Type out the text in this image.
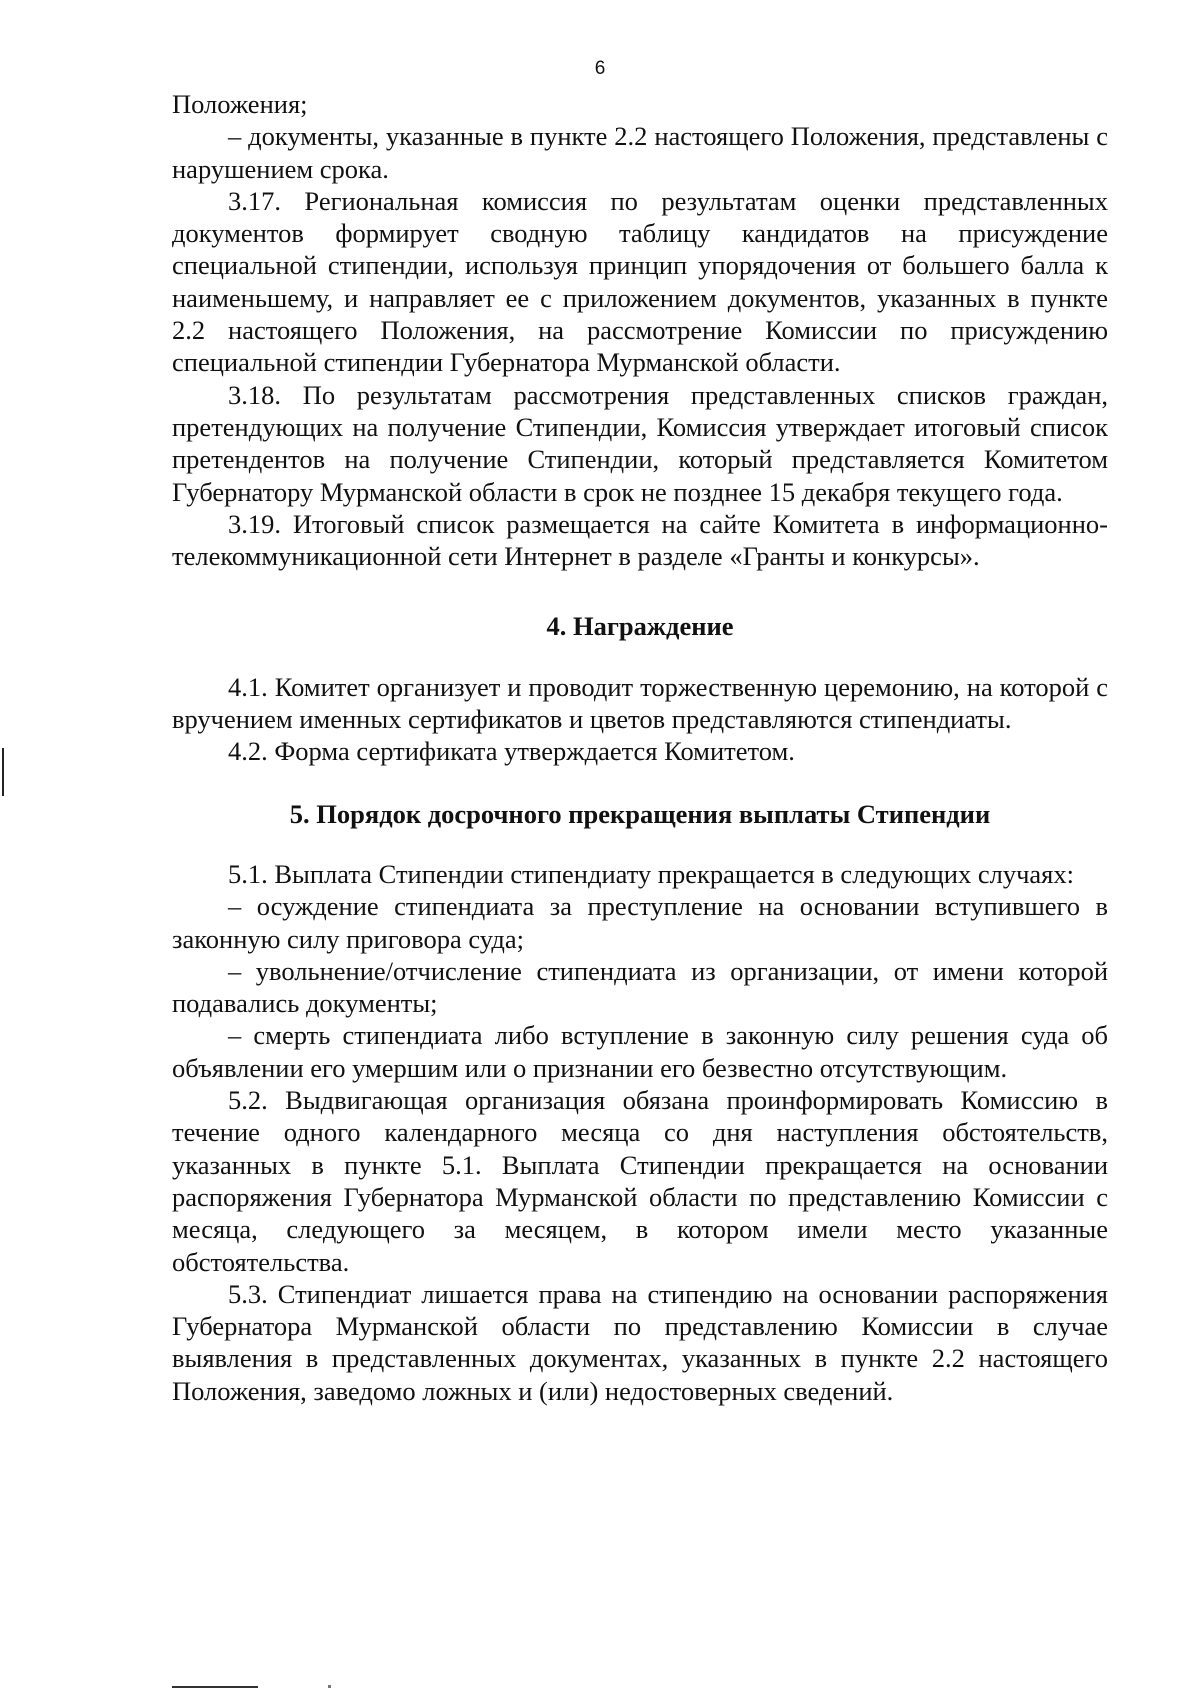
6

Положения;

– документы, указанные в пункте 2.2 настоящего Положения, представлены с нарушением срока.

3.17. Региональная комиссия по результатам оценки представленных документов формирует сводную таблицу кандидатов на присуждение специальной стипендии, используя принцип упорядочения от большего балла к наименьшему, и направляет ее с приложением документов, указанных в пункте 2.2 настоящего Положения, на рассмотрение Комиссии по присуждению специальной стипендии Губернатора Мурманской области.

3.18. По результатам рассмотрения представленных списков граждан, претендующих на получение Стипендии, Комиссия утверждает итоговый список претендентов на получение Стипендии, который представляется Комитетом Губернатору Мурманской области в срок не позднее 15 декабря текущего года.

3.19. Итоговый список размещается на сайте Комитета в информационно-телекоммуникационной сети Интернет в разделе «Гранты и конкурсы».

4. Награждение

4.1. Комитет организует и проводит торжественную церемонию, на которой с вручением именных сертификатов и цветов представляются стипендиаты.

4.2. Форма сертификата утверждается Комитетом.

5. Порядок досрочного прекращения выплаты Стипендии

5.1. Выплата Стипендии стипендиату прекращается в следующих случаях:

– осуждение стипендиата за преступление на основании вступившего в законную силу приговора суда;

– увольнение/отчисление стипендиата из организации, от имени которой подавались документы;

– смерть стипендиата либо вступление в законную силу решения суда об объявлении его умершим или о признании его безвестно отсутствующим.

5.2. Выдвигающая организация обязана проинформировать Комиссию в течение одного календарного месяца со дня наступления обстоятельств, указанных в пункте 5.1. Выплата Стипендии прекращается на основании распоряжения Губернатора Мурманской области по представлению Комиссии с месяца, следующего за месяцем, в котором имели место указанные обстоятельства.

5.3. Стипендиат лишается права на стипендию на основании распоряжения Губернатора Мурманской области по представлению Комиссии в случае выявления в представленных документах, указанных в пункте 2.2 настоящего Положения, заведомо ложных и (или) недостоверных сведений.
